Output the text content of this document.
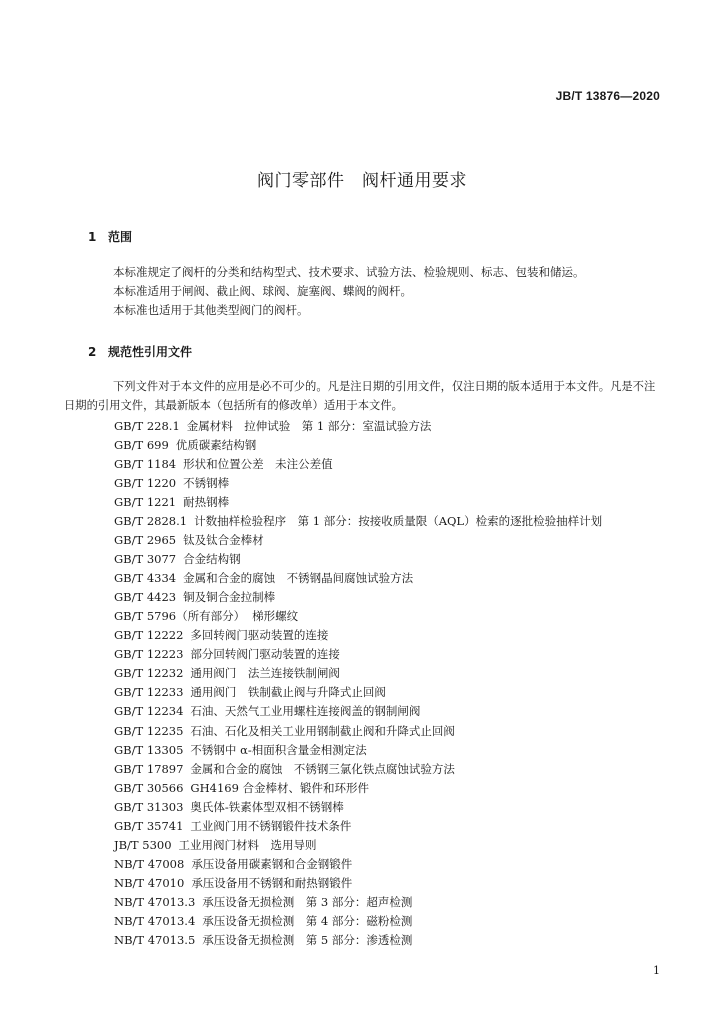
JB/T 13876—2020
阀门零部件　阀杆通用要求
1 范围

本标准规定了阀杆的分类和结构型式、技术要求、试验方法、检验规则、标志、包装和储运。

本标准适用于闸阀、截止阀、球阀、旋塞阀、蝶阀的阀杆。

本标准也适用于其他类型阀门的阀杆。

2 规范性引用文件

下列文件对于本文件的应用是必不可少的。凡是注日期的引用文件，仅注日期的版本适用于本文件。凡是不注日期的引用文件，其最新版本（包括所有的修改单）适用于本文件。

GB/T 228.1 金属材料　拉伸试验　第 1 部分：室温试验方法
GB/T 699 优质碳素结构钢
GB/T 1184 形状和位置公差　未注公差值
GB/T 1220 不锈钢棒
GB/T 1221 耐热钢棒
GB/T 2828.1 计数抽样检验程序　第 1 部分：按接收质量限（AQL）检索的逐批检验抽样计划
GB/T 2965 钛及钛合金棒材
GB/T 3077 合金结构钢
GB/T 4334 金属和合金的腐蚀　不锈钢晶间腐蚀试验方法
GB/T 4423 铜及铜合金拉制棒
GB/T 5796（所有部分） 梯形螺纹
GB/T 12222 多回转阀门驱动装置的连接
GB/T 12223 部分回转阀门驱动装置的连接
GB/T 12232 通用阀门　法兰连接铁制闸阀
GB/T 12233 通用阀门　铁制截止阀与升降式止回阀
GB/T 12234 石油、天然气工业用螺柱连接阀盖的钢制闸阀
GB/T 12235 石油、石化及相关工业用钢制截止阀和升降式止回阀
GB/T 13305 不锈钢中 α-相面积含量金相测定法
GB/T 17897 金属和合金的腐蚀　不锈钢三氯化铁点腐蚀试验方法
GB/T 30566 GH4169 合金棒材、锻件和环形件
GB/T 31303 奥氏体-铁素体型双相不锈钢棒
GB/T 35741 工业阀门用不锈钢锻件技术条件
JB/T 5300 工业用阀门材料　选用导则
NB/T 47008 承压设备用碳素钢和合金钢锻件
NB/T 47010 承压设备用不锈钢和耐热钢锻件
NB/T 47013.3 承压设备无损检测　第 3 部分：超声检测
NB/T 47013.4 承压设备无损检测　第 4 部分：磁粉检测
NB/T 47013.5 承压设备无损检测　第 5 部分：渗透检测
1
